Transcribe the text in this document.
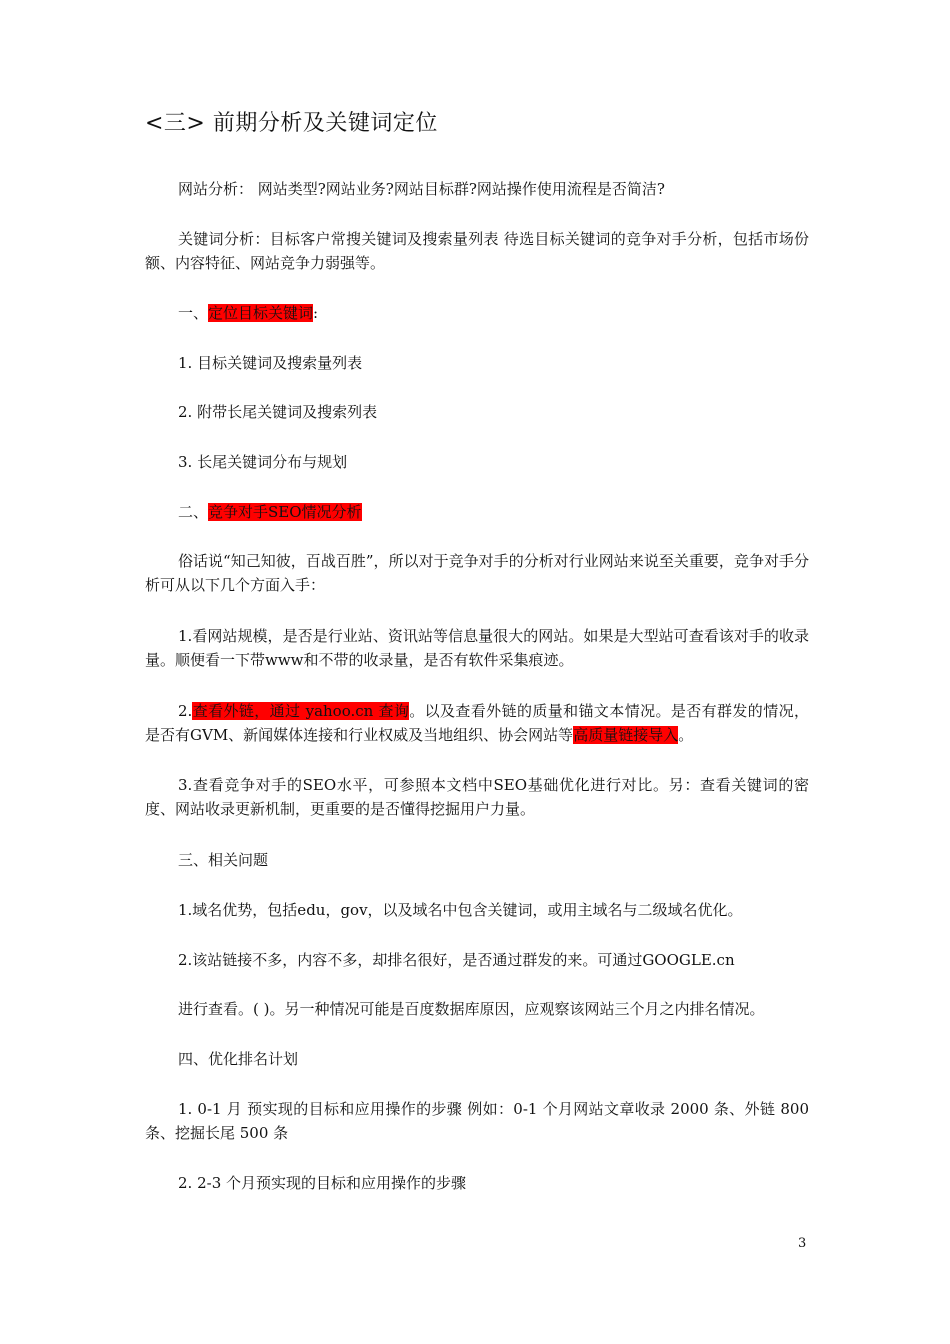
<三> 前期分析及关键词定位
网站分析： 网站类型?网站业务?网站目标群?网站操作使用流程是否简洁?
关键词分析：目标客户常搜关键词及搜索量列表 待选目标关键词的竞争对手分析，包括市场份额、内容特征、网站竞争力弱强等。
一、定位目标关键词:
1. 目标关键词及搜索量列表
2. 附带长尾关键词及搜索列表
3. 长尾关键词分布与规划
二、竞争对手SEO情况分析
俗话说“知己知彼，百战百胜”，所以对于竞争对手的分析对行业网站来说至关重要，竞争对手分析可从以下几个方面入手：
1.看网站规模，是否是行业站、资讯站等信息量很大的网站。如果是大型站可查看该对手的收录量。顺便看一下带www和不带的收录量，是否有软件采集痕迹。
2.查看外链，通过 yahoo.cn 查询。以及查看外链的质量和锚文本情况。是否有群发的情况，是否有GVM、新闻媒体连接和行业权威及当地组织、协会网站等高质量链接导入。
3.查看竞争对手的SEO水平，可参照本文档中SEO基础优化进行对比。另：查看关键词的密度、网站收录更新机制，更重要的是否懂得挖掘用户力量。
三、相关问题
1.域名优势，包括edu，gov，以及域名中包含关键词，或用主域名与二级域名优化。
2.该站链接不多，内容不多，却排名很好，是否通过群发的来。可通过GOOGLE.cn
进行查看。( )。另一种情况可能是百度数据库原因，应观察该网站三个月之内排名情况。
四、优化排名计划
1. 0-1 月 预实现的目标和应用操作的步骤 例如：0-1 个月网站文章收录 2000 条、外链 800 条、挖掘长尾 500 条
2. 2-3 个月预实现的目标和应用操作的步骤
3
